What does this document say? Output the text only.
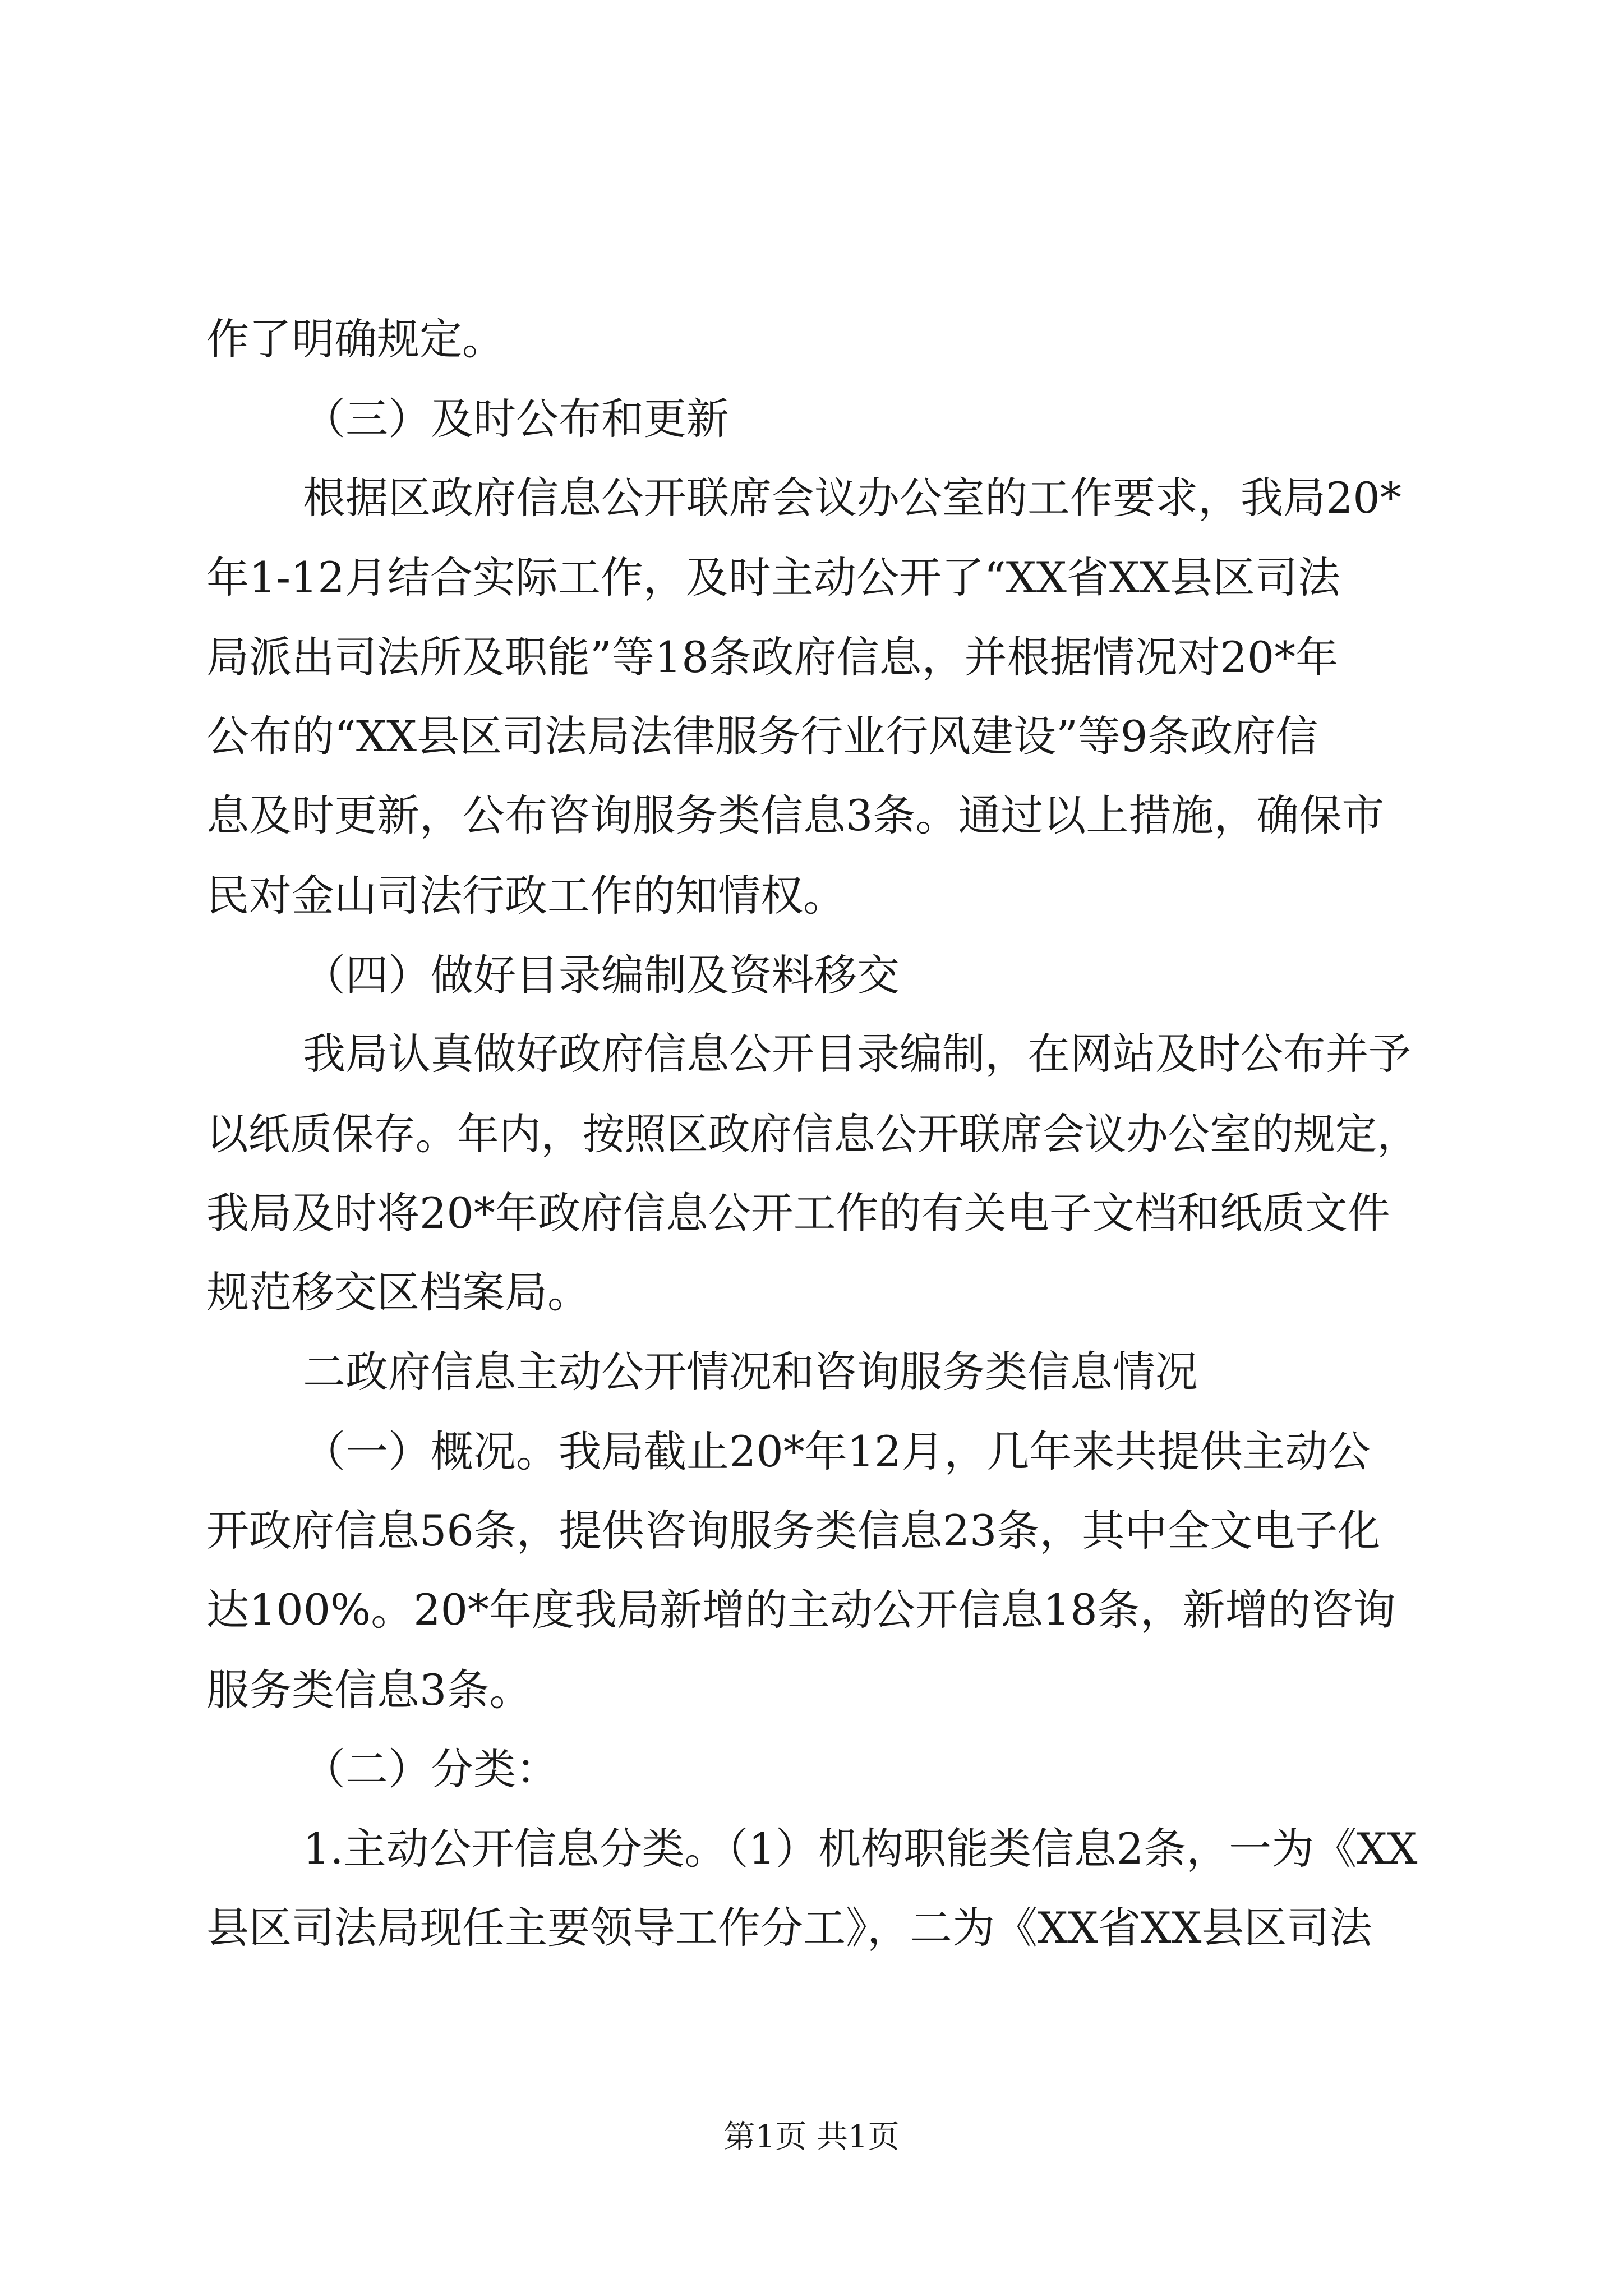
作了明确规定。
（三）及时公布和更新
根据区政府信息公开联席会议办公室的工作要求，我局20*
年1-12月结合实际工作，及时主动公开了“XX省XX县区司法
局派出司法所及职能”等18条政府信息，并根据情况对20*年
公布的“XX县区司法局法律服务行业行风建设”等9条政府信
息及时更新，公布咨询服务类信息3条。通过以上措施，确保市
民对金山司法行政工作的知情权。
（四）做好目录编制及资料移交
我局认真做好政府信息公开目录编制，在网站及时公布并予
以纸质保存。年内，按照区政府信息公开联席会议办公室的规定，
我局及时将20*年政府信息公开工作的有关电子文档和纸质文件
规范移交区档案局。
二政府信息主动公开情况和咨询服务类信息情况
（一）概况。我局截止20*年12月，几年来共提供主动公
开政府信息56条，提供咨询服务类信息23条，其中全文电子化
达100%。20*年度我局新增的主动公开信息18条，新增的咨询
服务类信息3条。
（二）分类：
1.主动公开信息分类。（1）机构职能类信息2条，一为《XX
县区司法局现任主要领导工作分工》，二为《XX省XX县区司法
第1页 共1页
